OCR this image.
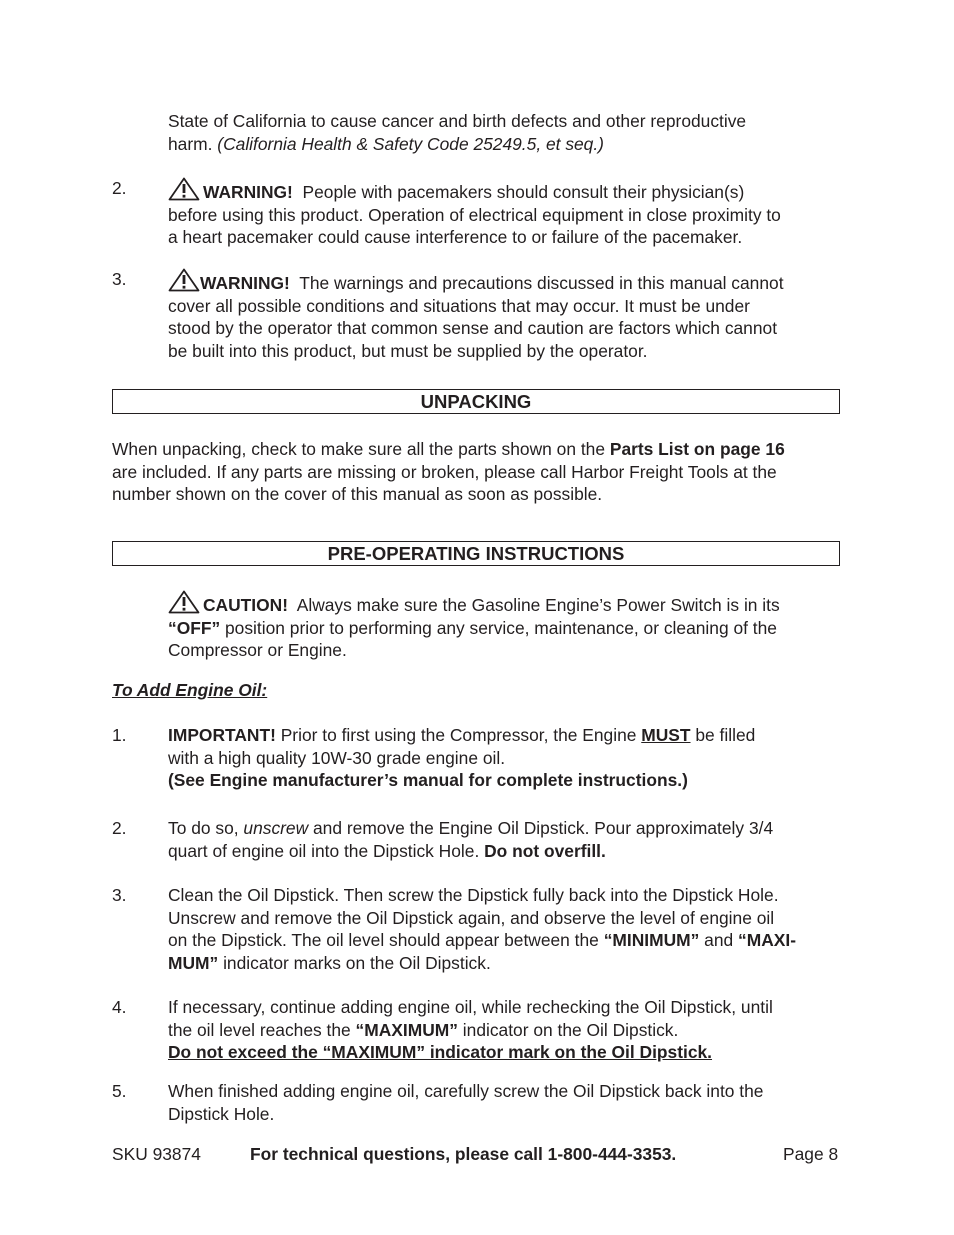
State of California to cause cancer and birth defects and other reproductive
harm. (California Health & Safety Code 25249.5, et seq.)
2.	WARNING! People with pacemakers should consult their physician(s)
before using this product. Operation of electrical equipment in close proximity to
a heart pacemaker could cause interference to or failure of the pacemaker.
3.	WARNING! The warnings and precautions discussed in this manual cannot
cover all possible conditions and situations that may occur. It must be under
stood by the operator that common sense and caution are factors which cannot
be built into this product, but must be supplied by the operator.
UNPACKING
When unpacking, check to make sure all the parts shown on the Parts List on page 16
are included. If any parts are missing or broken, please call Harbor Freight Tools at the
number shown on the cover of this manual as soon as possible.
PRE-OPERATING INSTRUCTIONS
CAUTION! Always make sure the Gasoline Engine’s Power Switch is in its
“OFF” position prior to performing any service, maintenance, or cleaning of the
Compressor or Engine.
To Add Engine Oil:
1. IMPORTANT! Prior to first using the Compressor, the Engine MUST be filled
with a high quality 10W-30 grade engine oil.
(See Engine manufacturer’s manual for complete instructions.)
2. To do so, unscrew and remove the Engine Oil Dipstick. Pour approximately 3/4
quart of engine oil into the Dipstick Hole. Do not overfill.
3. Clean the Oil Dipstick. Then screw the Dipstick fully back into the Dipstick Hole.
Unscrew and remove the Oil Dipstick again, and observe the level of engine oil
on the Dipstick. The oil level should appear between the “MINIMUM” and “MAXI-
MUM” indicator marks on the Oil Dipstick.
4. If necessary, continue adding engine oil, while rechecking the Oil Dipstick, until
the oil level reaches the “MAXIMUM” indicator on the Oil Dipstick.
Do not exceed the “MAXIMUM” indicator mark on the Oil Dipstick.
5. When finished adding engine oil, carefully screw the Oil Dipstick back into the
Dipstick Hole.
SKU 93874	For technical questions, please call 1-800-444-3353.	Page 8
